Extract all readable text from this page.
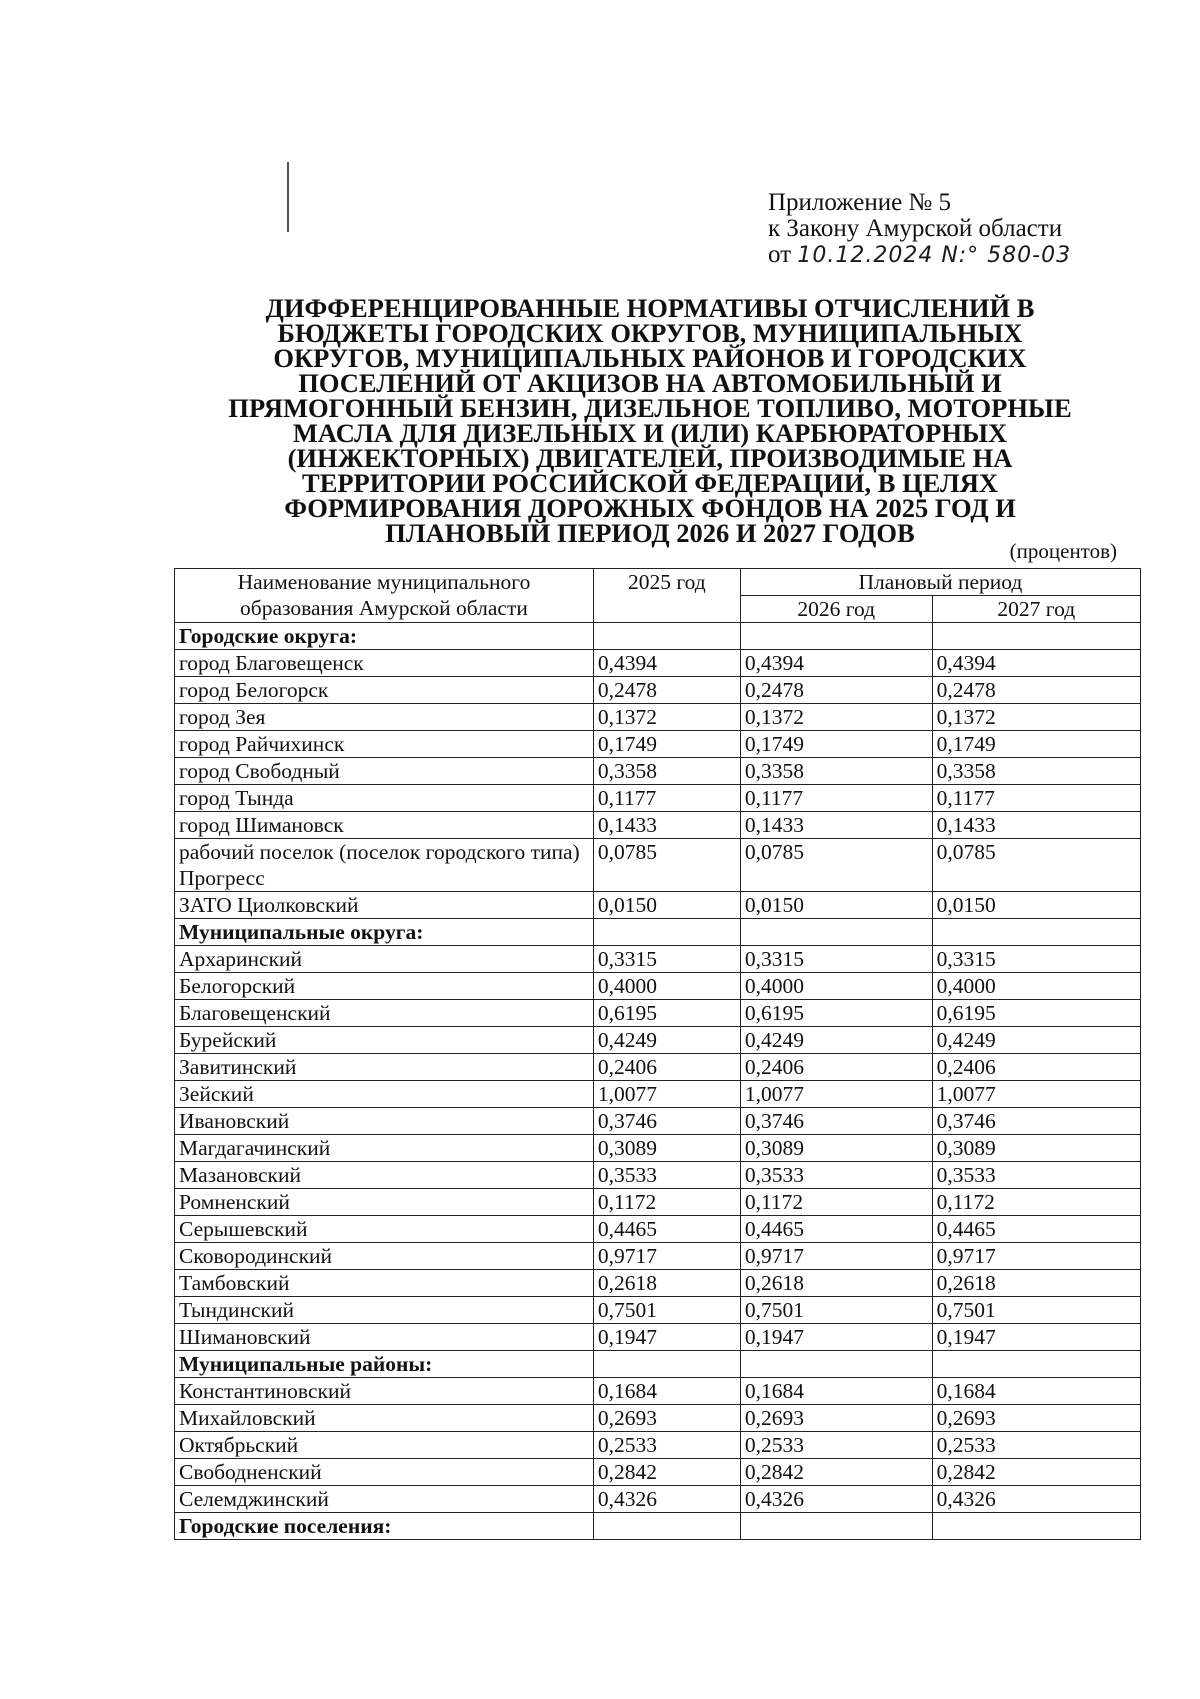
Приложение № 5
к Закону Амурской области
от 10.12.2024 N:° 580-03
ДИФФЕРЕНЦИРОВАННЫЕ НОРМАТИВЫ ОТЧИСЛЕНИЙ В
БЮДЖЕТЫ ГОРОДСКИХ ОКРУГОВ, МУНИЦИПАЛЬНЫХ
ОКРУГОВ, МУНИЦИПАЛЬНЫХ РАЙОНОВ И ГОРОДСКИХ
ПОСЕЛЕНИЙ ОТ АКЦИЗОВ НА АВТОМОБИЛЬНЫЙ И
ПРЯМОГОННЫЙ БЕНЗИН, ДИЗЕЛЬНОЕ ТОПЛИВО, МОТОРНЫЕ
МАСЛА ДЛЯ ДИЗЕЛЬНЫХ И (ИЛИ) КАРБЮРАТОРНЫХ
(ИНЖЕКТОРНЫХ) ДВИГАТЕЛЕЙ, ПРОИЗВОДИМЫЕ НА
ТЕРРИТОРИИ РОССИЙСКОЙ ФЕДЕРАЦИИ, В ЦЕЛЯХ
ФОРМИРОВАНИЯ ДОРОЖНЫХ ФОНДОВ НА 2025 ГОД И
ПЛАНОВЫЙ ПЕРИОД 2026 И 2027 ГОДОВ
(процентов)
Наименование муниципального
образования Амурской области	2025 год	Плановый период	
		2026 год	2027 год
Городские округа:			
город Благовещенск	0,4394	0,4394	0,4394
город Белогорск	0,2478	0,2478	0,2478
город Зея	0,1372	0,1372	0,1372
город Райчихинск	0,1749	0,1749	0,1749
город Свободный	0,3358	0,3358	0,3358
город Тында	0,1177	0,1177	0,1177
город Шимановск	0,1433	0,1433	0,1433
рабочий поселок (поселок городского типа) Прогресс	0,0785	0,0785	0,0785
ЗАТО Циолковский	0,0150	0,0150	0,0150
Муниципальные округа:			
Архаринский	0,3315	0,3315	0,3315
Белогорский	0,4000	0,4000	0,4000
Благовещенский	0,6195	0,6195	0,6195
Бурейский	0,4249	0,4249	0,4249
Завитинский	0,2406	0,2406	0,2406
Зейский	1,0077	1,0077	1,0077
Ивановский	0,3746	0,3746	0,3746
Магдагачинский	0,3089	0,3089	0,3089
Мазановский	0,3533	0,3533	0,3533
Ромненский	0,1172	0,1172	0,1172
Серышевский	0,4465	0,4465	0,4465
Сковородинский	0,9717	0,9717	0,9717
Тамбовский	0,2618	0,2618	0,2618
Тындинский	0,7501	0,7501	0,7501
Шимановский	0,1947	0,1947	0,1947
Муниципальные районы:			
Константиновский	0,1684	0,1684	0,1684
Михайловский	0,2693	0,2693	0,2693
Октябрьский	0,2533	0,2533	0,2533
Свободненский	0,2842	0,2842	0,2842
Селемджинский	0,4326	0,4326	0,4326
Городские поселения:			
